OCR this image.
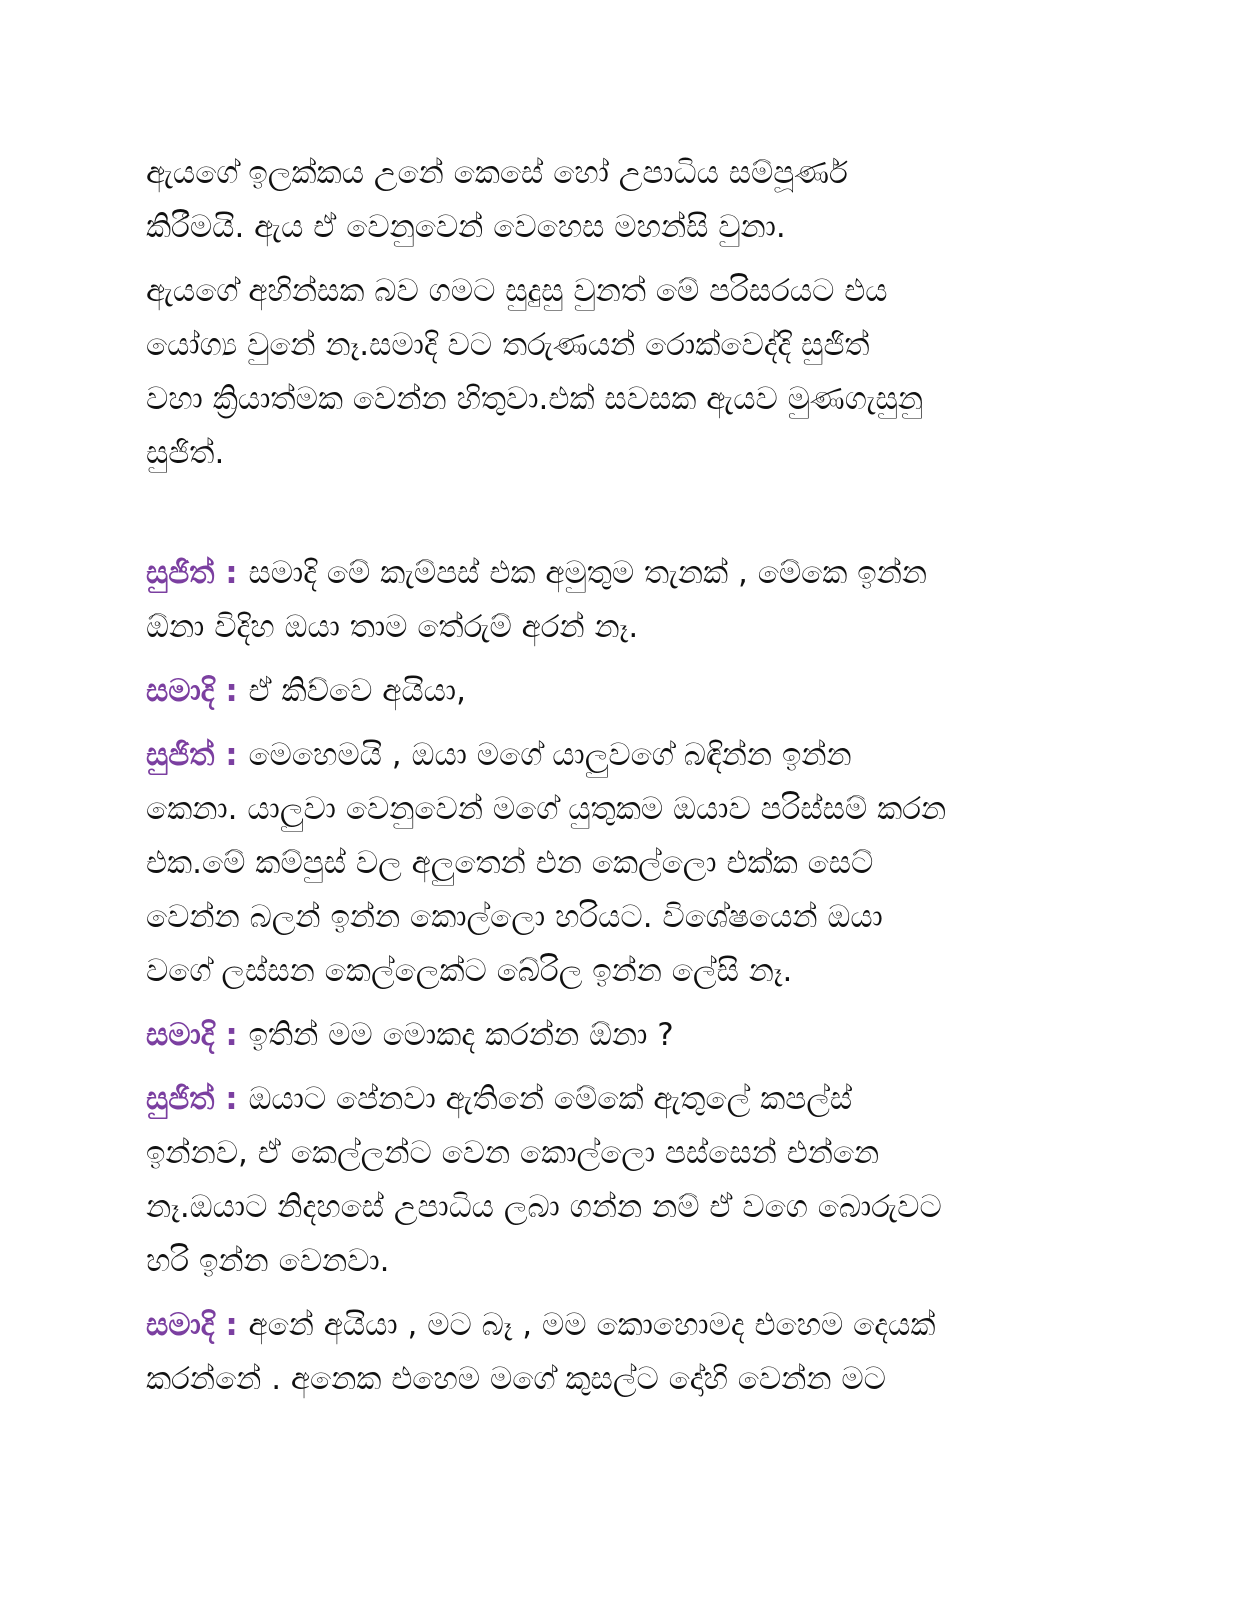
ඇයගේ ඉලක්කය උනේ කෙසේ හෝ උපාධිය සම්පූර්ණ
කිරීමයි. ඇය ඒ වෙනුවෙන් වෙහෙස මහන්සි වුනා.

ඇයගේ අහින්සක බව ගමට සුදුසු වුනත් මේ පරිසරයට එය
යෝග්‍ය වුනේ නෑ.සමාදි වට තරුණයන් රොක්වෙද්දි සුජිත්
වහා ක්‍රියාත්මක වෙන්න හිතුවා.එක් සවසක ඇයව මුණගැසුනු
සුජිත්.

සුජිත් : සමාදි මේ කැම්පස් එක අමුතුම තැනක් , මේකෙ ඉන්න
ඕනා විදිහ ඔයා තාම තේරුම් අරන් නෑ.

සමාදි : ඒ කිව්වෙ අයියා,

සුජිත් : මෙහෙමයි , ඔයා මගේ යාලුවගේ බඳින්න ඉන්න
කෙනා. යාලුවා වෙනුවෙන් මගේ යුතුකම ඔයාව පරිස්සම් කරන
එක.මේ කම්පුස් වල අලුතෙන් එන කෙල්ලො එක්ක සෙට්
වෙන්න බලන් ඉන්න කොල්ලො හරියට. විශේෂයෙන් ඔයා
වගේ ලස්සන කෙල්ලෙක්ට බේරිල ඉන්න ලේසි නෑ.

සමාදි : ඉතින් මම මොකද කරන්න ඕනා ?

සුජිත් : ඔයාට පේනවා ඇතිනේ මේකේ ඇතුලේ කපල්ස්
ඉන්නව, ඒ කෙල්ලන්ට වෙන කොල්ලො පස්සෙන් එන්නෙ
නෑ.ඔයාට නිදහසේ උපාධිය ලබා ගන්න නම් ඒ වගෙ බොරුවට
හරි ඉන්න වෙනවා.

සමාදි : අනේ අයියා , මට බෑ , මම කොහොමද එහෙම දෙයක්
කරන්නේ . අනෙක එහෙම මගේ කුසල්ට දෝහි වෙන්න මට
